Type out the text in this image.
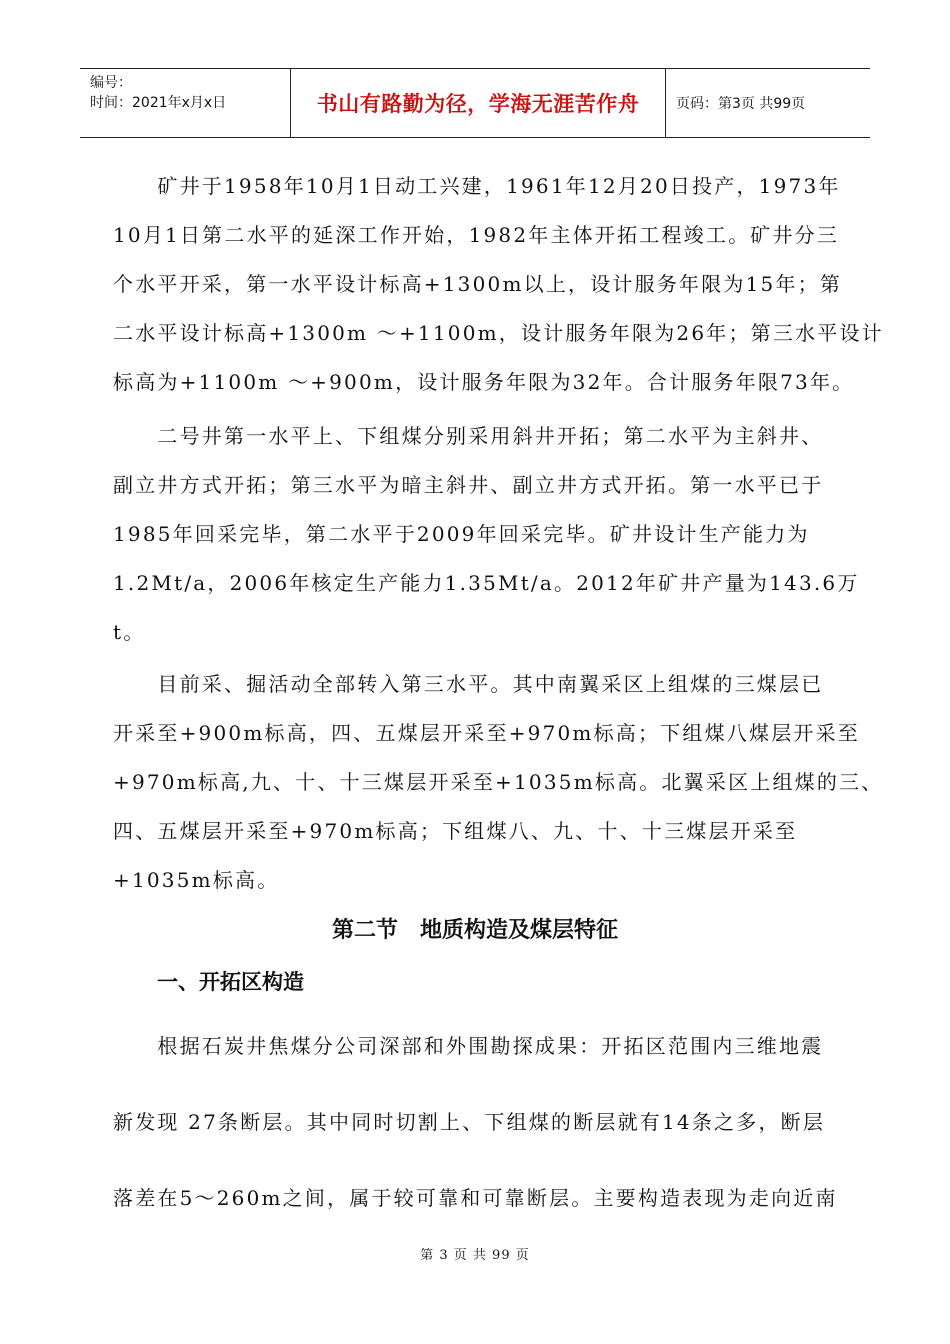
编号：
时间：2021年x月x日	书山有路勤为径，学海无涯苦作舟	页码：第3页 共99页

　　矿井于1958年10月1日动工兴建，1961年12月20日投产，1973年
10月1日第二水平的延深工作开始，1982年主体开拓工程竣工。矿井分三
个水平开采，第一水平设计标高+1300m以上，设计服务年限为15年；第
二水平设计标高+1300m ～+1100m，设计服务年限为26年；第三水平设计
标高为+1100m ～+900m，设计服务年限为32年。合计服务年限73年。

　　二号井第一水平上、下组煤分别采用斜井开拓；第二水平为主斜井、
副立井方式开拓；第三水平为暗主斜井、副立井方式开拓。第一水平已于
1985年回采完毕，第二水平于2009年回采完毕。矿井设计生产能力为
1.2Mt/a，2006年核定生产能力1.35Mt/a。2012年矿井产量为143.6万
t。

　　目前采、掘活动全部转入第三水平。其中南翼采区上组煤的三煤层已
开采至+900m标高，四、五煤层开采至+970m标高；下组煤八煤层开采至
+970m标高,九、十、十三煤层开采至+1035m标高。北翼采区上组煤的三、
四、五煤层开采至+970m标高；下组煤八、九、十、十三煤层开采至
+1035m标高。

第二节　地质构造及煤层特征
一、开拓区构造
　　根据石炭井焦煤分公司深部和外围勘探成果：开拓区范围内三维地震
新发现 27条断层。其中同时切割上、下组煤的断层就有14条之多，断层
落差在5～260m之间，属于较可靠和可靠断层。主要构造表现为走向近南
第 3 页 共 99 页
